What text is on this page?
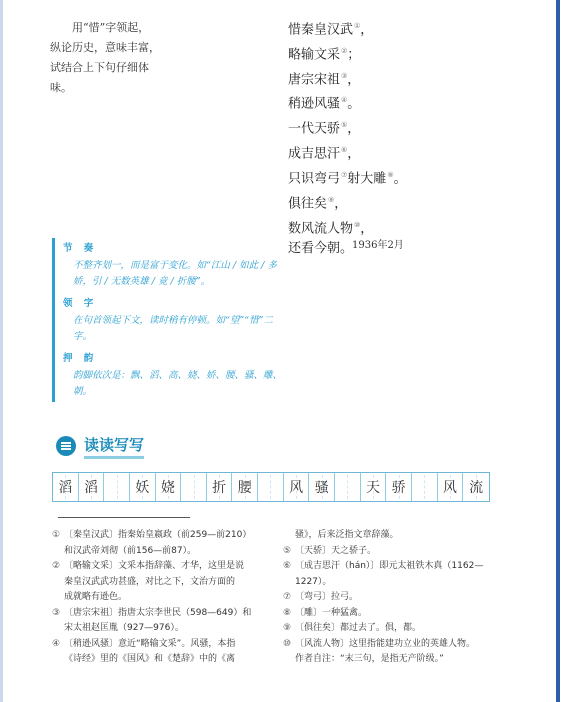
　　用“惜”字领起，
纵论历史，意味丰富，
试结合上下句仔细体
味。

惜秦皇汉武①，
略输文采②；
唐宗宋祖③，
稍逊风骚④。
一代天骄⑤，
成吉思汗⑥，
只识弯弓⑦射大雕⑧。
俱往矣⑨，
数风流人物⑩，
还看今朝。
1936年2月
节 奏
不整齐划一，而是富于变化。如“江山 / 如此 / 多娇，引 / 无数英雄 / 竞 / 折腰”。
领 字
在句首领起下文，读时稍有停顿。如“望”“惜”二字。
押 韵
韵脚依次是：飘、滔、高、娆、娇、腰、骚、雕、朝。
读读写写
滔 滔	妖 娆	折 腰	风 骚	天 骄	风 流
① 〔秦皇汉武〕指秦始皇嬴政（前259—前210）
和汉武帝刘彻（前156—前87）。
② 〔略输文采〕文采本指辞藻、才华，这里是说
秦皇汉武武功甚盛，对比之下，文治方面的
成就略有逊色。
③ 〔唐宗宋祖〕指唐太宗李世民（598—649）和
宋太祖赵匡胤（927—976）。
④ 〔稍逊风骚〕意近“略输文采”。风骚，本指
《诗经》里的《国风》和《楚辞》中的《离
骚》，后来泛指文章辞藻。
⑤ 〔天骄〕天之骄子。
⑥ 〔成吉思汗（hán）〕即元太祖铁木真（1162—
1227）。
⑦ 〔弯弓〕拉弓。
⑧ 〔雕〕一种猛禽。
⑨ 〔俱往矣〕都过去了。俱，都。
⑩ 〔风流人物〕这里指能建功立业的英雄人物。
作者自注：“末三句，是指无产阶级。”
